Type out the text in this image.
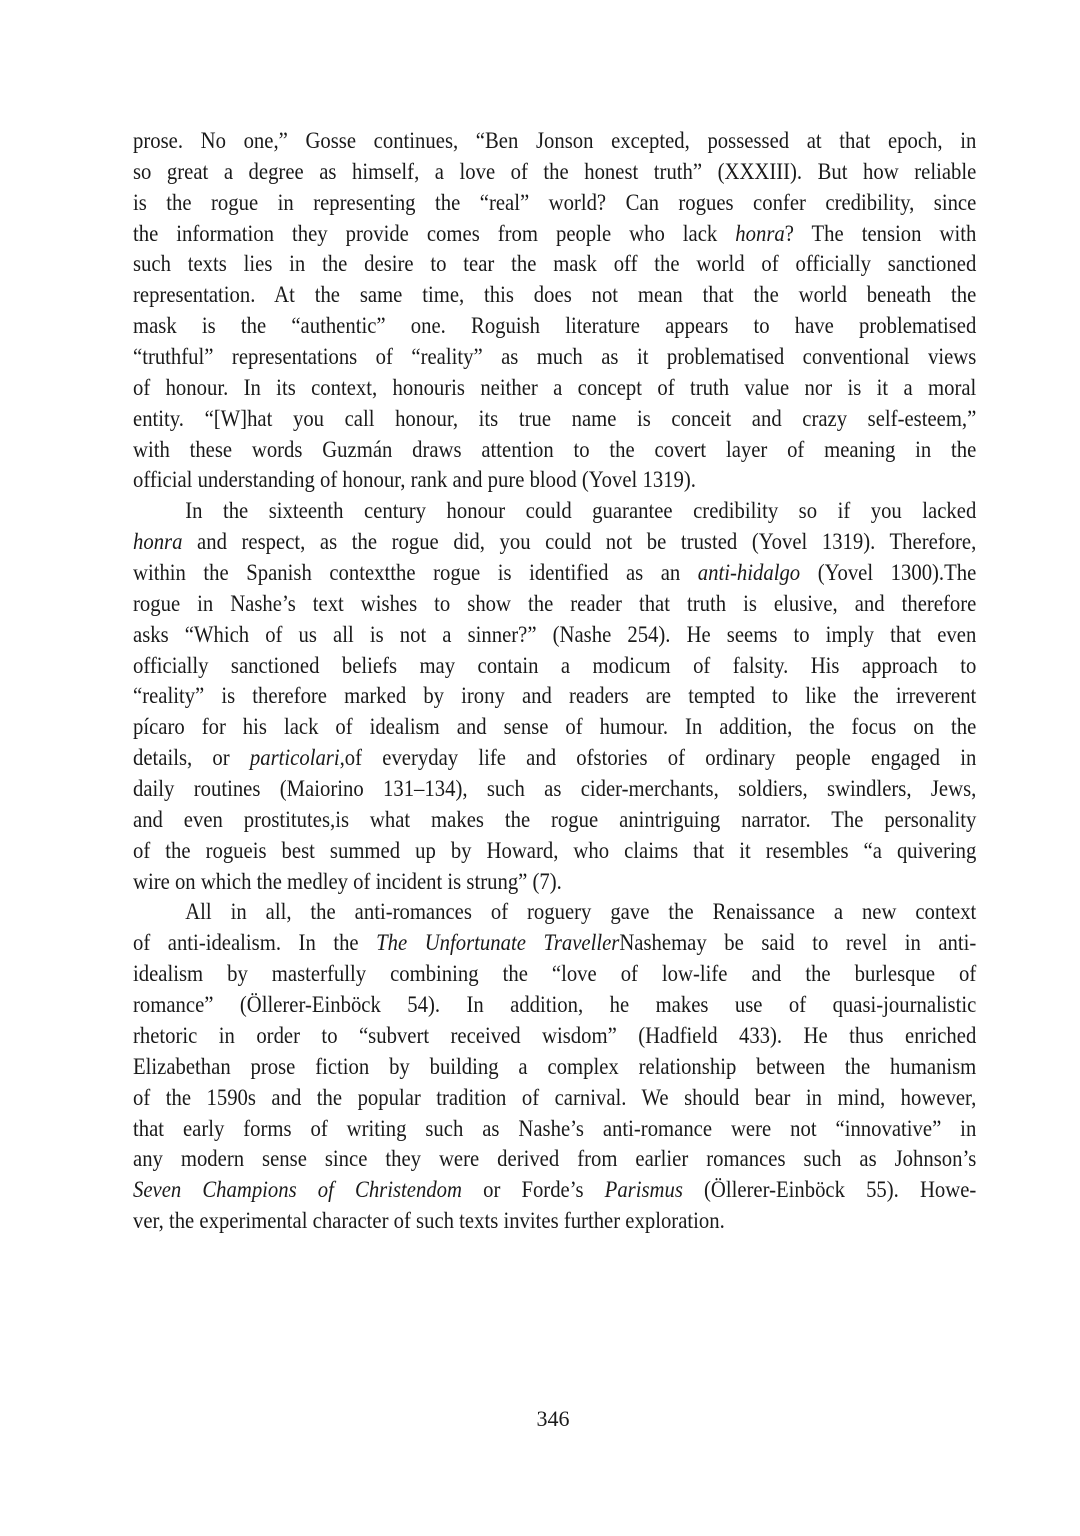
prose. No one,” Gosse continues, “Ben Jonson excepted, possessed at that epoch, in
so great a degree as himself, a love of the honest truth” (XXXIII). But how reliable
is the rogue in representing the “real” world? Can rogues confer credibility, since
the information they provide comes from people who lack honra? The tension with
such texts lies in the desire to tear the mask off the world of officially sanctioned
representation. At the same time, this does not mean that the world beneath the
mask is the “authentic” one. Roguish literature appears to have problematised
“truthful” representations of “reality” as much as it problematised conventional views
of honour. In its context, honouris neither a concept of truth value nor is it a moral
entity. “[W]hat you call honour, its true name is conceit and crazy self-esteem,”
with these words Guzmán draws attention to the covert layer of meaning in the
official understanding of honour, rank and pure blood (Yovel 1319).
In the sixteenth century honour could guarantee credibility so if you lacked
honra and respect, as the rogue did, you could not be trusted (Yovel 1319). Therefore,
within the Spanish contextthe rogue is identified as an anti-hidalgo (Yovel 1300).The
rogue in Nashe’s text wishes to show the reader that truth is elusive, and therefore
asks “Which of us all is not a sinner?” (Nashe 254). He seems to imply that even
officially sanctioned beliefs may contain a modicum of falsity. His approach to
“reality” is therefore marked by irony and readers are tempted to like the irreverent
pícaro for his lack of idealism and sense of humour. In addition, the focus on the
details, or particolari,of everyday life and ofstories of ordinary people engaged in
daily routines (Maiorino 131–134), such as cider-merchants, soldiers, swindlers, Jews,
and even prostitutes,is what makes the rogue anintriguing narrator. The personality
of the rogueis best summed up by Howard, who claims that it resembles “a quivering
wire on which the medley of incident is strung” (7).
All in all, the anti-romances of roguery gave the Renaissance a new context
of anti-idealism. In the The Unfortunate TravellerNashemay be said to revel in anti-
idealism by masterfully combining the “love of low-life and the burlesque of
romance” (Öllerer-Einböck 54). In addition, he makes use of quasi-journalistic
rhetoric in order to “subvert received wisdom” (Hadfield 433). He thus enriched
Elizabethan prose fiction by building a complex relationship between the humanism
of the 1590s and the popular tradition of carnival. We should bear in mind, however,
that early forms of writing such as Nashe’s anti-romance were not “innovative” in
any modern sense since they were derived from earlier romances such as Johnson’s
Seven Champions of Christendom or Forde’s Parismus (Öllerer-Einböck 55). Howe-
ver, the experimental character of such texts invites further exploration.
346
